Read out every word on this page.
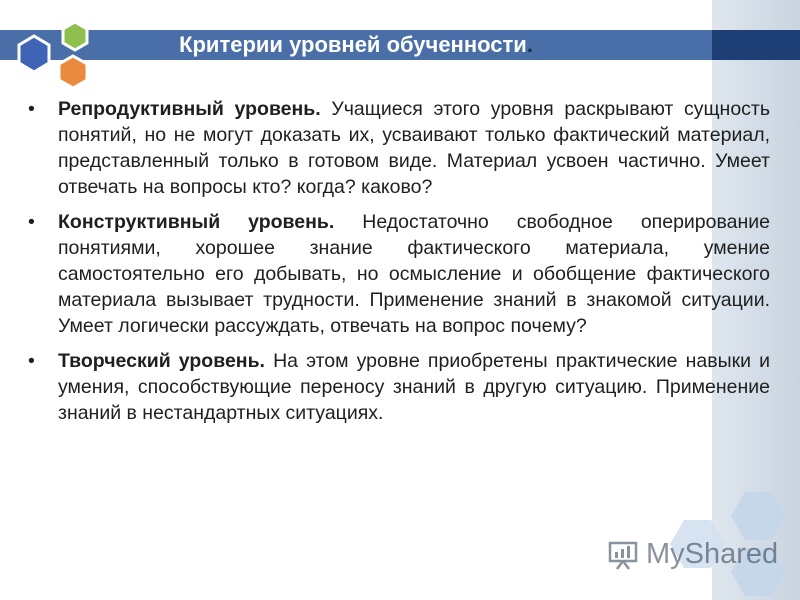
Критерии уровней обученности.
• Репродуктивный уровень. Учащиеся этого уровня раскрывают сущность понятий, но не могут доказать их, усваивают только фактический материал, представленный только в готовом виде. Материал усвоен частично. Умеет отвечать на вопросы кто? когда? каково?
• Конструктивный уровень. Недостаточно свободное оперирование понятиями, хорошее знание фактического материала, умение самостоятельно его добывать, но осмысление и обобщение фактического материала вызывает трудности. Применение знаний в знакомой ситуации. Умеет логически рассуждать, отвечать на вопрос почему?
• Творческий уровень. На этом уровне приобретены практические навыки и умения, способствующие переносу знаний в другую ситуацию. Применение знаний в нестандартных ситуациях.
MyShared
